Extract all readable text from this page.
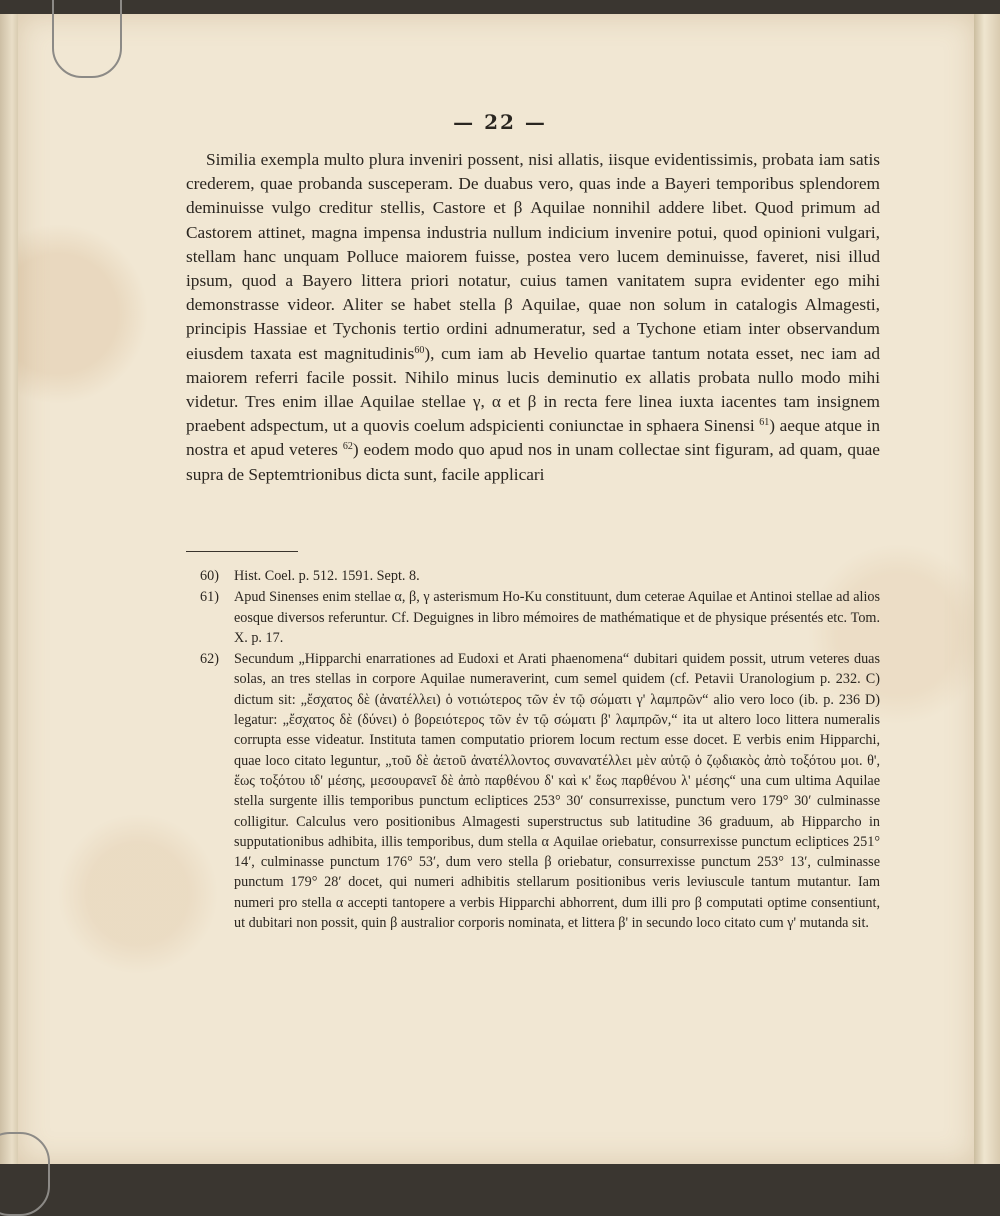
— 22 —
Similia exempla multo plura inveniri possent, nisi allatis, iisque evidentissimis, probata iam satis crederem, quae probanda susceperam. De duabus vero, quas inde a Bayeri temporibus splendorem deminuisse vulgo creditur stellis, Castore et β Aquilae nonnihil addere libet. Quod primum ad Castorem attinet, magna impensa industria nullum indicium invenire potui, quod opinioni vulgari, stellam hanc unquam Polluce maiorem fuisse, postea vero lucem deminuisse, faveret, nisi illud ipsum, quod a Bayero littera priori notatur, cuius tamen vanitatem supra evidenter ego mihi demonstrasse videor. Aliter se habet stella β Aquilae, quae non solum in catalogis Almagesti, principis Hassiae et Tychonis tertio ordini adnumeratur, sed a Tychone etiam inter observandum eiusdem taxata est magnitudinis$^{60}$), cum iam ab Hevelio quartae tantum notata esset, nec iam ad maiorem referri facile possit. Nihilo minus lucis deminutio ex allatis probata nullo modo mihi videtur. Tres enim illae Aquilae stellae γ, α et β in recta fere linea iuxta iacentes tam insignem praebent adspectum, ut a quovis coelum adspicienti coniunctae in sphaera Sinensi $^{61}$) aeque atque in nostra et apud veteres $^{62}$) eodem modo quo apud nos in unam collectae sint figuram, ad quam, quae supra de Septemtrionibus dicta sunt, facile applicari
60)	Hist. Coel. p. 512. 1591. Sept. 8.
61)	Apud Sinenses enim stellae α, β, γ asterismum Ho-Ku constituunt, dum ceterae Aquilae et Antinoi stellae ad alios eosque diversos referuntur. Cf. Deguignes in libro mémoires de mathématique et de physique présentés etc. Tom. X. p. 17.
62)	Secundum „Hipparchi enarrationes ad Eudoxi et Arati phaenomena“ dubitari quidem possit, utrum veteres duas solas, an tres stellas in corpore Aquilae numeraverint, cum semel quidem (cf. Petavii Uranologium p. 232. C) dictum sit: „ἔσχατος δὲ (ἀνατέλλει) ὁ νοτιώτερος τῶν ἐν τῷ σώματι γ' λαμπρῶν“ alio vero loco (ib. p. 236 D) legatur: „ἔσχατος δὲ (δύνει) ὁ βορειότερος τῶν ἐν τῷ σώματι β' λαμπρῶν,“ ita ut altero loco littera numeralis corrupta esse videatur. Instituta tamen computatio priorem locum rectum esse docet. E verbis enim Hipparchi, quae loco citato leguntur, „τοῦ δὲ ἀετοῦ ἀνατέλλοντος συνανατέλλει μὲν αὐτῷ ὁ ζῳδιακὸς ἀπὸ τοξότου μοι. θ', ἕως τοξότου ιδ' μέσης, μεσουρανεῖ δὲ ἀπὸ παρθένου δ' καὶ κ' ἕως παρθένου λ' μέσης“ una cum ultima Aquilae stella surgente illis temporibus punctum ecliptices 253° 30′ consurrexisse, punctum vero 179° 30′ culminasse colligitur. Calculus vero positionibus Almagesti superstructus sub latitudine 36 graduum, ab Hipparcho in supputationibus adhibita, illis temporibus, dum stella α Aquilae oriebatur, consurrexisse punctum ecliptices 251° 14′, culminasse punctum 176° 53′, dum vero stella β oriebatur, consurrexisse punctum 253° 13′, culminasse punctum 179° 28′ docet, qui numeri adhibitis stellarum positionibus veris leviuscule tantum mutantur. Iam numeri pro stella α accepti tantopere a verbis Hipparchi abhorrent, dum illi pro β computati optime consentiunt, ut dubitari non possit, quin β australior corporis nominata, et littera β' in secundo loco citato cum γ' mutanda sit.
